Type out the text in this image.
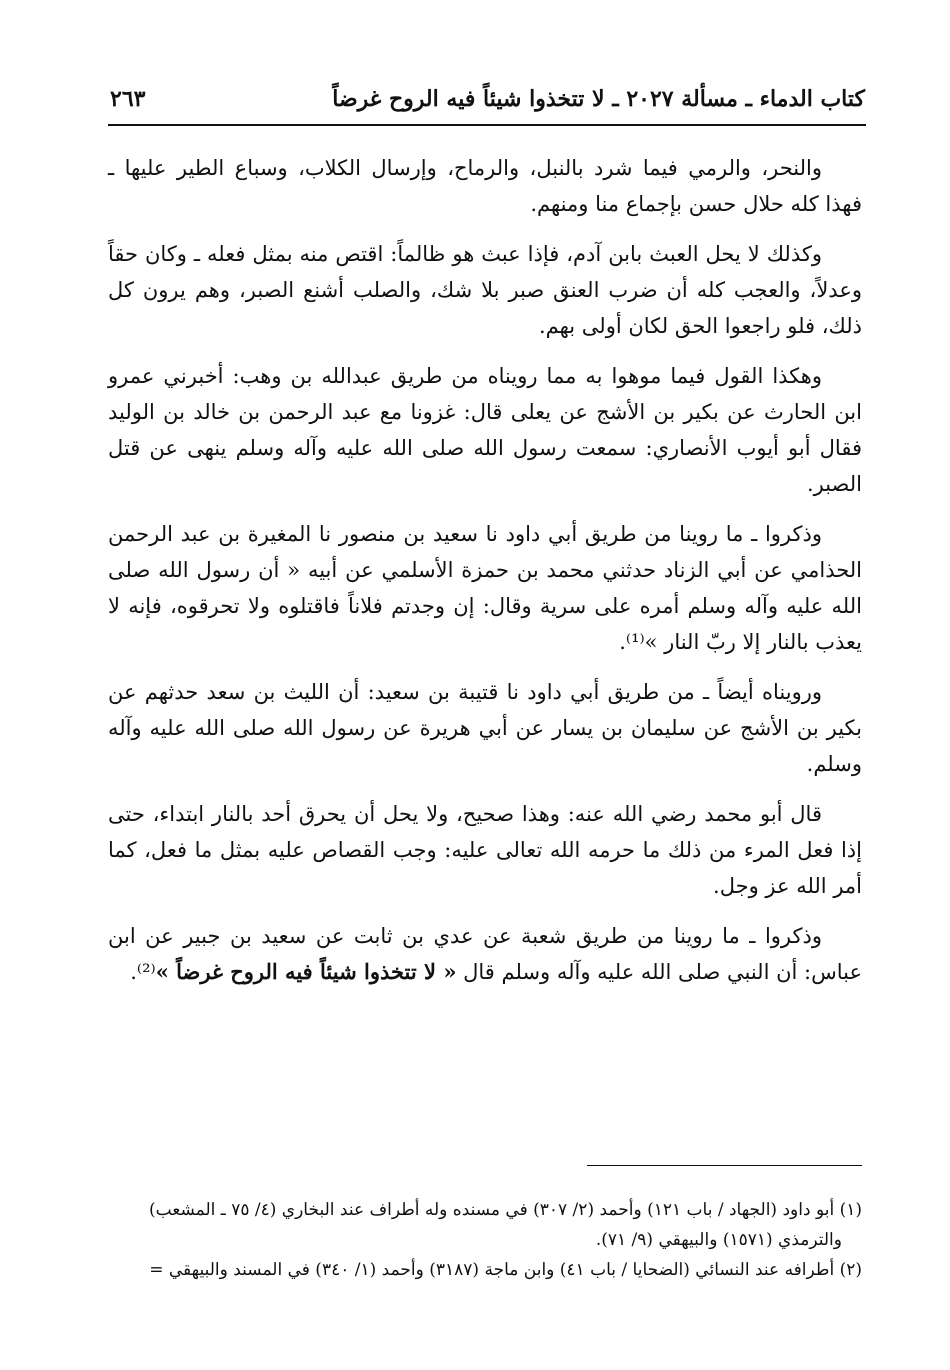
كتاب الدماء ـ مسألة ٢٠٢٧ ـ لا تتخذوا شيئاً فيه الروح غرضاً
٢٦٣

والنحر، والرمي فيما شرد بالنبل، والرماح، وإرسال الكلاب، وسباع الطير عليها ـ فهذا كله حلال حسن بإجماع منا ومنهم.

وكذلك لا يحل العبث بابن آدم، فإذا عبث هو ظالماً: اقتص منه بمثل فعله ـ وكان حقاً وعدلاً، والعجب كله أن ضرب العنق صبر بلا شك، والصلب أشنع الصبر، وهم يرون كل ذلك، فلو راجعوا الحق لكان أولى بهم.

وهكذا القول فيما موهوا به مما رويناه من طريق عبدالله بن وهب: أخبرني عمرو ابن الحارث عن بكير بن الأشج عن يعلى قال: غزونا مع عبد الرحمن بن خالد بن الوليد فقال أبو أيوب الأنصاري: سمعت رسول الله صلى الله عليه وآله وسلم ينهى عن قتل الصبر.

وذكروا ـ ما روينا من طريق أبي داود نا سعيد بن منصور نا المغيرة بن عبد الرحمن الحذامي عن أبي الزناد حدثني محمد بن حمزة الأسلمي عن أبيه « أن رسول الله صلى الله عليه وآله وسلم أمره على سرية وقال: إن وجدتم فلاناً فاقتلوه ولا تحرقوه، فإنه لا يعذب بالنار إلا ربّ النار »⁽¹⁾.

ورويناه أيضاً ـ من طريق أبي داود نا قتيبة بن سعيد: أن الليث بن سعد حدثهم عن بكير بن الأشج عن سليمان بن يسار عن أبي هريرة عن رسول الله صلى الله عليه وآله وسلم.

قال أبو محمد رضي الله عنه: وهذا صحيح، ولا يحل أن يحرق أحد بالنار ابتداء، حتى إذا فعل المرء من ذلك ما حرمه الله تعالى عليه: وجب القصاص عليه بمثل ما فعل، كما أمر الله عز وجل.

وذكروا ـ ما روينا من طريق شعبة عن عدي بن ثابت عن سعيد بن جبير عن ابن عباس: أن النبي صلى الله عليه وآله وسلم قال « لا تتخذوا شيئاً فيه الروح غرضاً »⁽²⁾.

(١) أبو داود (الجهاد / باب ١٢١) وأحمد (٢/ ٣٠٧) في مسنده وله أطراف عند البخاري (٤/ ٧٥ ـ المشعب)

والترمذي (١٥٧١) والبيهقي (٩/ ٧١).

(٢) أطرافه عند النسائي (الضحايا / باب ٤١) وابن ماجة (٣١٨٧) وأحمد (١/ ٣٤٠) في المسند والبيهقي =
